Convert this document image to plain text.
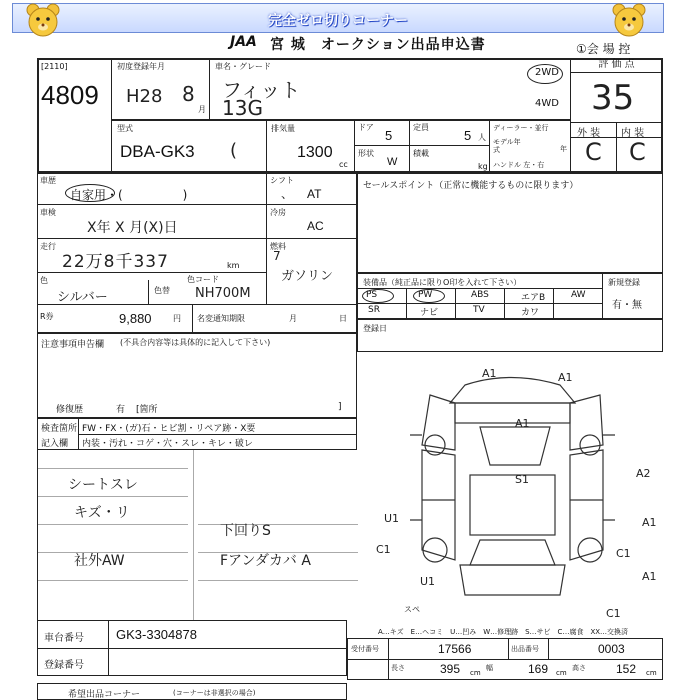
完全ゼロ切りコーナー
JAA 宮 城　オークション出品申込書	①会 場 控
[2110]
4809
初度登録年月
H28 8
月
車名・グレード
フィット
13G
2WD
4WD
評 価 点
35
外 装 内 装
C C
型式
DBA-GK3 (
排気量
1300
cc
ドア
5
定員
5 人
形状
W
積載
kg
ディーラー・並行
モデル年式	年
ハンドル 左・右
車歴
自家用・(　　　　　)
シフト
、 AT
車検
X年 X 月(X)日
冷房
AC
走行
22万8千337	km
燃料
7
ガソリン
色
シルバー	色替
色コード
NH700M
R券	9,880	円 名変通知期限	月	日
セールスポイント（正常に機能するものに限ります）
装備品（純正品に限りO印を入れて下さい）	新規登録
有・無
PS	PW	ABS	エアB	AW
SR	ナビ	TV	カワ
登録日
注意事項申告欄 (不具合内容等は具体的に記入して下さい)
修復歴	有 [箇所	]
検査箇所
記入欄
FW・FX・(ガ)石・ヒビ割・リペア跡・X要
内装・汚れ・コゲ・穴・スレ・キレ・破レ
シートスレ
キズ・リ
社外AW
下回りS
Fアンダカバ A
A1	A1
A1
S1	A2
A1
A1
U1
C1	C1
C1
U1
スペ
A…キズ　E…ヘコミ　U…凹み　W…修理跡　S…サビ　C…腐食　XX…交換済
車台番号 GK3-3304878
登録番号
受付番号	17566	出品番号	0003
長さ	395 cm
幅	169 cm
高さ	152 cm
希望出品コーナー	(コーナーは非選択の場合)
